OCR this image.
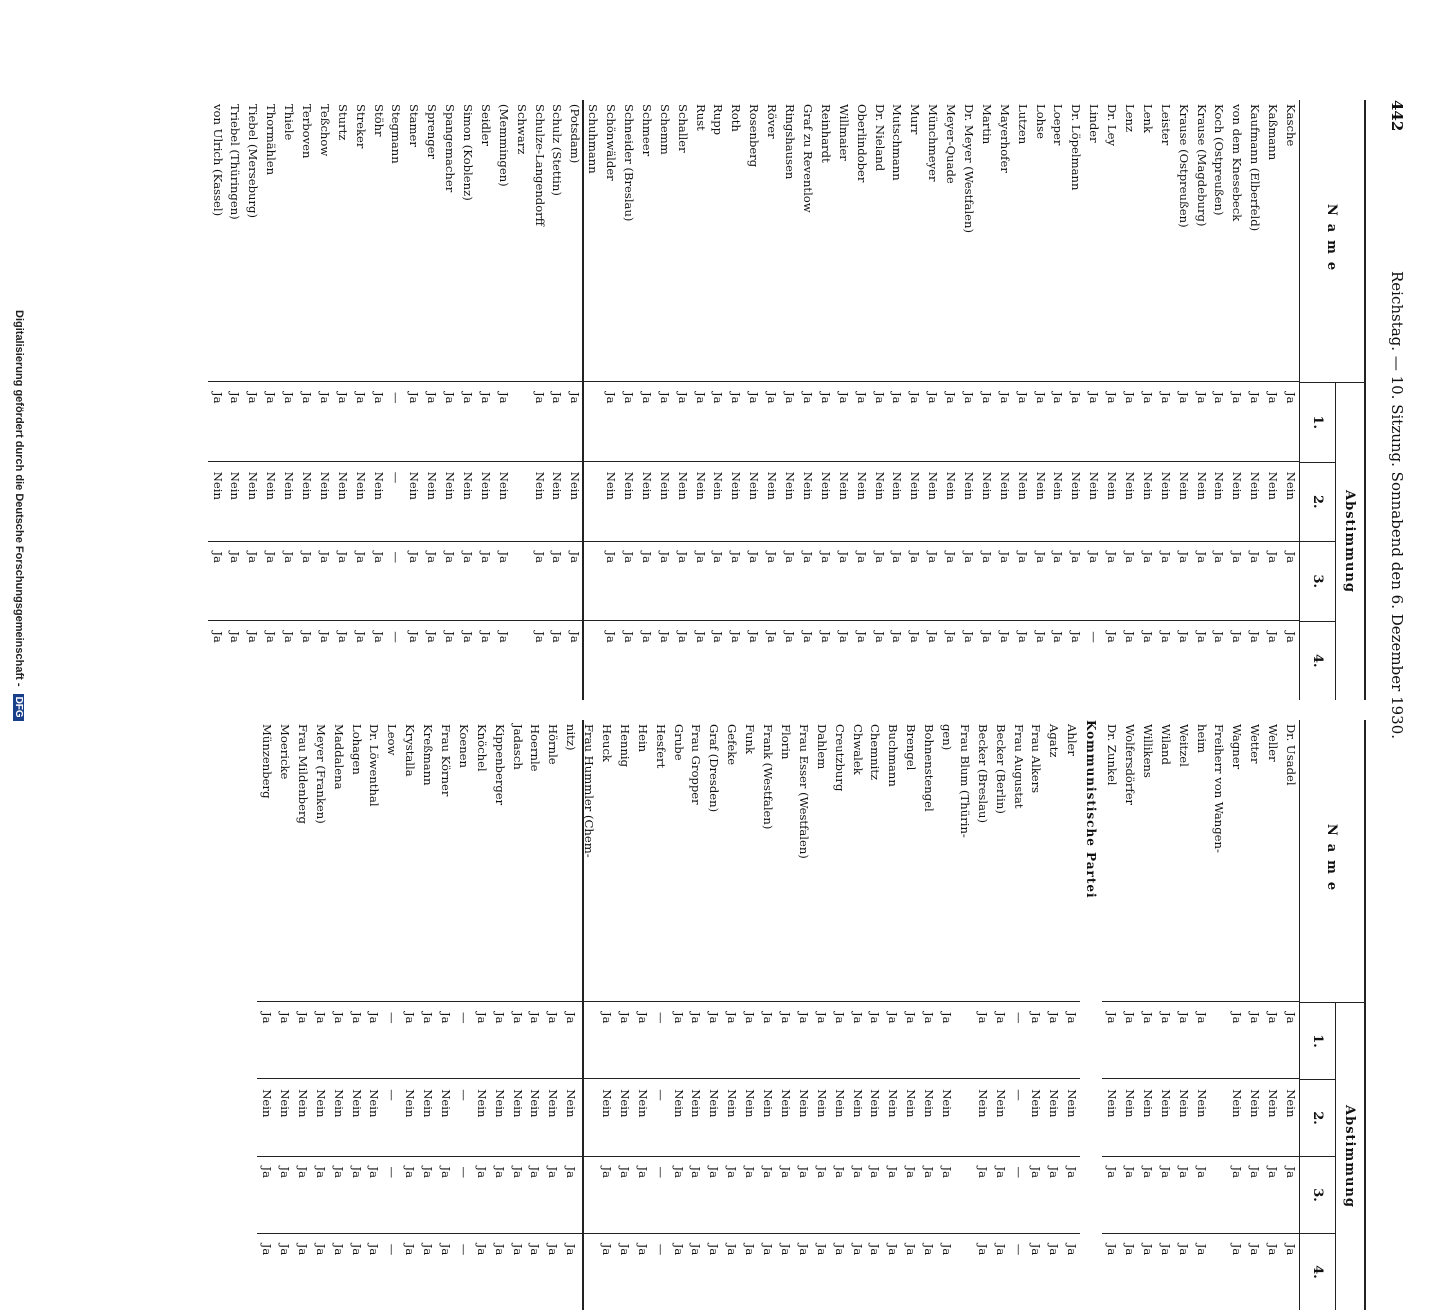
Digitalisierung gefördert durch die Deutsche Forschungsgemeinschaft - DFG
442
Reichstag. — 10. Sitzung. Sonnabend den 6. Dezember 1930.
Name
Abstimmung
1.
2.
3.
4.
Kasche
Ja
Nein
Ja
Ja
Kaßmann
Ja
Nein
Ja
Ja
Kaufmann (Elberfeld)
Ja
Nein
Ja
Ja
von dem Knesebeck
Ja
Nein
Ja
Ja
Koch (Ostpreußen)
Ja
Nein
Ja
Ja
Krause (Magdeburg)
Ja
Nein
Ja
Ja
Krause (Ostpreußen)
Ja
Nein
Ja
Ja
Leister
Ja
Nein
Ja
Ja
Lenk
Ja
Nein
Ja
Ja
Lenz
Ja
Nein
Ja
Ja
Dr. Ley
Ja
Nein
Ja
Ja
Linder
Ja
Nein
Ja
—
Dr. Löpelmann
Ja
Nein
Ja
Ja
Loeper
Ja
Nein
Ja
Ja
Lohse
Ja
Nein
Ja
Ja
Lutzen
Ja
Nein
Ja
Ja
Mayerhofer
Ja
Nein
Ja
Ja
Martin
Ja
Nein
Ja
Ja
Dr. Meyer (Westfalen)
Ja
Nein
Ja
Ja
Meyer-Quade
Ja
Nein
Ja
Ja
Münchmeyer
Ja
Nein
Ja
Ja
Murr
Ja
Nein
Ja
Ja
Mutschmann
Ja
Nein
Ja
Ja
Dr. Nieland
Ja
Nein
Ja
Ja
Oberlindober
Ja
Nein
Ja
Ja
Willmaier
Ja
Nein
Ja
Ja
Reinhardt
Ja
Nein
Ja
Ja
Graf zu Reventlow
Ja
Nein
Ja
Ja
Ringshausen
Ja
Nein
Ja
Ja
Röver
Ja
Nein
Ja
Ja
Rosenberg
Ja
Nein
Ja
Ja
Roth
Ja
Nein
Ja
Ja
Rupp
Ja
Nein
Ja
Ja
Rust
Ja
Nein
Ja
Ja
Schaller
Ja
Nein
Ja
Ja
Schemm
Ja
Nein
Ja
Ja
Schmeer
Ja
Nein
Ja
Ja
Schneider (Breslau)
Ja
Nein
Ja
Ja
Schönwälder
Ja
Nein
Ja
Ja
Schuhmann
(Potsdam)
Ja
Nein
Ja
Ja
Schulz (Stettin)
Ja
Nein
Ja
Ja
Schulze-Langendorff
Ja
Nein
Ja
Ja
Schwarz
(Memmingen)
Ja
Nein
Ja
Ja
Seidler
Ja
Nein
Ja
Ja
Simon (Koblenz)
Ja
Nein
Ja
Ja
Spangemacher
Ja
Nein
Ja
Ja
Sprenger
Ja
Nein
Ja
Ja
Stamer
Ja
Nein
Ja
Ja
Stegmann
—
—
—
—
Stöhr
Ja
Nein
Ja
Ja
Streker
Ja
Nein
Ja
Ja
Sturtz
Ja
Nein
Ja
Ja
Teßchow
Ja
Nein
Ja
Ja
Terboven
Ja
Nein
Ja
Ja
Thiele
Ja
Nein
Ja
Ja
Thormählen
Ja
Nein
Ja
Ja
Tiebel (Merseburg)
Ja
Nein
Ja
Ja
Triebel (Thüringen)
Ja
Nein
Ja
Ja
von Ulrich (Kassel)
Ja
Nein
Ja
Ja
Name
Abstimmung
1.
2.
3.
4.
Dr. Usadel
Ja
Nein
Ja
Ja
Weller
Ja
Nein
Ja
Ja
Wetter
Ja
Nein
Ja
Ja
Wagner
Ja
Nein
Ja
Ja
Freiherr von Wangen-
heim
Ja
Nein
Ja
Ja
Weitzel
Ja
Nein
Ja
Ja
Wiland
Ja
Nein
Ja
Ja
Willikens
Ja
Nein
Ja
Ja
Wolfersdörfer
Ja
Nein
Ja
Ja
Dr. Zunkel
Ja
Nein
Ja
Ja
Kommunistische Partei
Ahler
Ja
Nein
Ja
Ja
Agatz
Ja
Nein
Ja
Ja
Frau Alkers
Ja
Nein
Ja
Ja
Frau Augustat
—
—
—
—
Becker (Berlin)
Ja
Nein
Ja
Ja
Becker (Breslau)
Ja
Nein
Ja
Ja
Frau Blum (Thürin-
gen)
Ja
Nein
Ja
Ja
Bohnenstengel
Ja
Nein
Ja
Ja
Brengel
Ja
Nein
Ja
Ja
Buchmann
Ja
Nein
Ja
Ja
Chemnitz
Ja
Nein
Ja
Ja
Chwalek
Ja
Nein
Ja
Ja
Creutzburg
Ja
Nein
Ja
Ja
Dahlem
Ja
Nein
Ja
Ja
Frau Esser (Westfalen)
Ja
Nein
Ja
Ja
Florin
Ja
Nein
Ja
Ja
Frank (Westfalen)
Ja
Nein
Ja
Ja
Funk
Ja
Nein
Ja
Ja
Gefeke
Ja
Nein
Ja
Ja
Graf (Dresden)
Ja
Nein
Ja
Ja
Frau Gropper
Ja
Nein
Ja
Ja
Grube
Ja
Nein
Ja
Ja
Hesfert
—
—
—
—
Hein
Ja
Nein
Ja
Ja
Hennig
Ja
Nein
Ja
Ja
Heuck
Ja
Nein
Ja
Ja
Frau Hummler (Chem-
nitz)
Ja
Nein
Ja
Ja
Hörnle
Ja
Nein
Ja
Ja
Hoernle
Ja
Nein
Ja
Ja
Jadasch
Ja
Nein
Ja
Ja
Kippenberger
Ja
Nein
Ja
Ja
Knöchel
Ja
Nein
Ja
Ja
Koenen
—
—
—
—
Frau Körner
Ja
Nein
Ja
Ja
Kreßmann
Ja
Nein
Ja
Ja
Krystalla
Ja
Nein
Ja
Ja
Leow
—
—
—
—
Dr. Löwenthal
Ja
Nein
Ja
Ja
Lohagen
Ja
Nein
Ja
Ja
Maddalena
Ja
Nein
Ja
Ja
Meyer (Franken)
Ja
Nein
Ja
Ja
Frau Mildenberg
Ja
Nein
Ja
Ja
Moericke
Ja
Nein
Ja
Ja
Münzenberg
Ja
Nein
Ja
Ja
